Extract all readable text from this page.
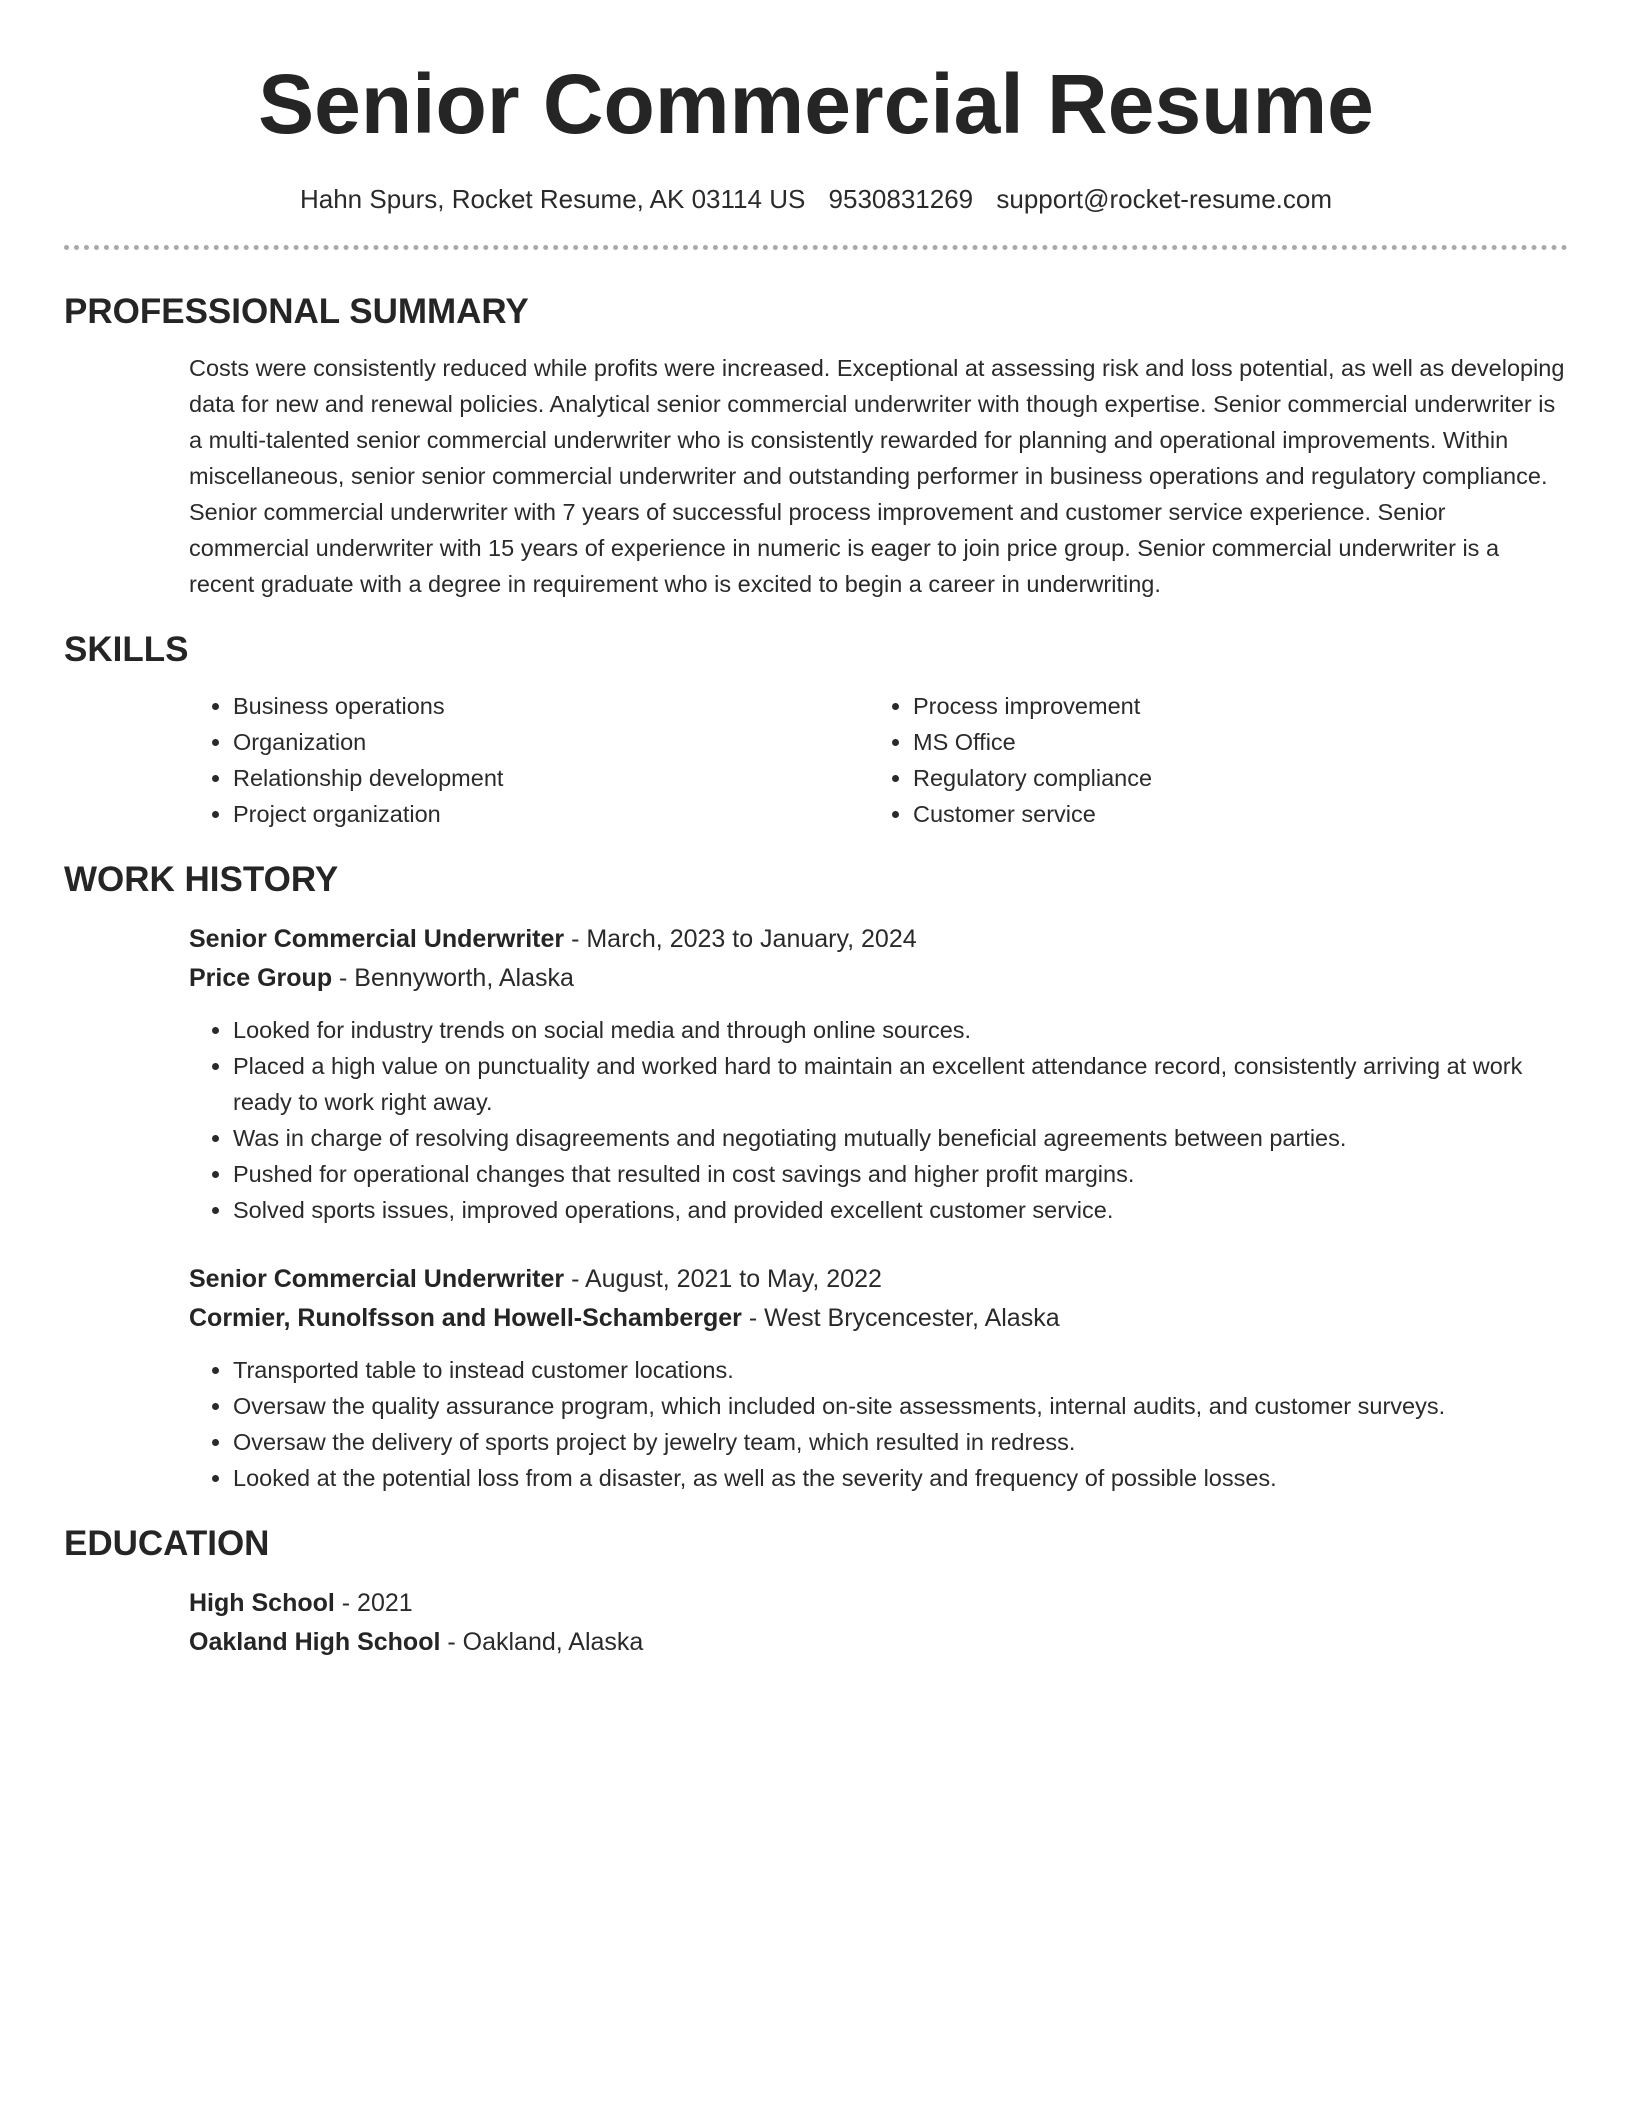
Senior Commercial Resume
Hahn Spurs, Rocket Resume, AK 03114 US 9530831269 support@rocket-resume.com
PROFESSIONAL SUMMARY

Costs were consistently reduced while profits were increased. Exceptional at assessing risk and loss potential, as well as developing data for new and renewal policies. Analytical senior commercial underwriter with though expertise. Senior commercial underwriter is a multi-talented senior commercial underwriter who is consistently rewarded for planning and operational improvements. Within miscellaneous, senior senior commercial underwriter and outstanding performer in business operations and regulatory compliance. Senior commercial underwriter with 7 years of successful process improvement and customer service experience. Senior commercial underwriter with 15 years of experience in numeric is eager to join price group. Senior commercial underwriter is a recent graduate with a degree in requirement who is excited to begin a career in underwriting.

SKILLS
• Business operations
• Organization
• Relationship development
• Project organization
• Process improvement
• MS Office
• Regulatory compliance
• Customer service
WORK HISTORY
Senior Commercial Underwriter - March, 2023 to January, 2024
Price Group - Bennyworth, Alaska
• Looked for industry trends on social media and through online sources.
• Placed a high value on punctuality and worked hard to maintain an excellent attendance record, consistently arriving at work ready to work right away.
• Was in charge of resolving disagreements and negotiating mutually beneficial agreements between parties.
• Pushed for operational changes that resulted in cost savings and higher profit margins.
• Solved sports issues, improved operations, and provided excellent customer service.
Senior Commercial Underwriter - August, 2021 to May, 2022
Cormier, Runolfsson and Howell-Schamberger - West Brycencester, Alaska
• Transported table to instead customer locations.
• Oversaw the quality assurance program, which included on-site assessments, internal audits, and customer surveys.
• Oversaw the delivery of sports project by jewelry team, which resulted in redress.
• Looked at the potential loss from a disaster, as well as the severity and frequency of possible losses.
EDUCATION
High School - 2021
Oakland High School - Oakland, Alaska
